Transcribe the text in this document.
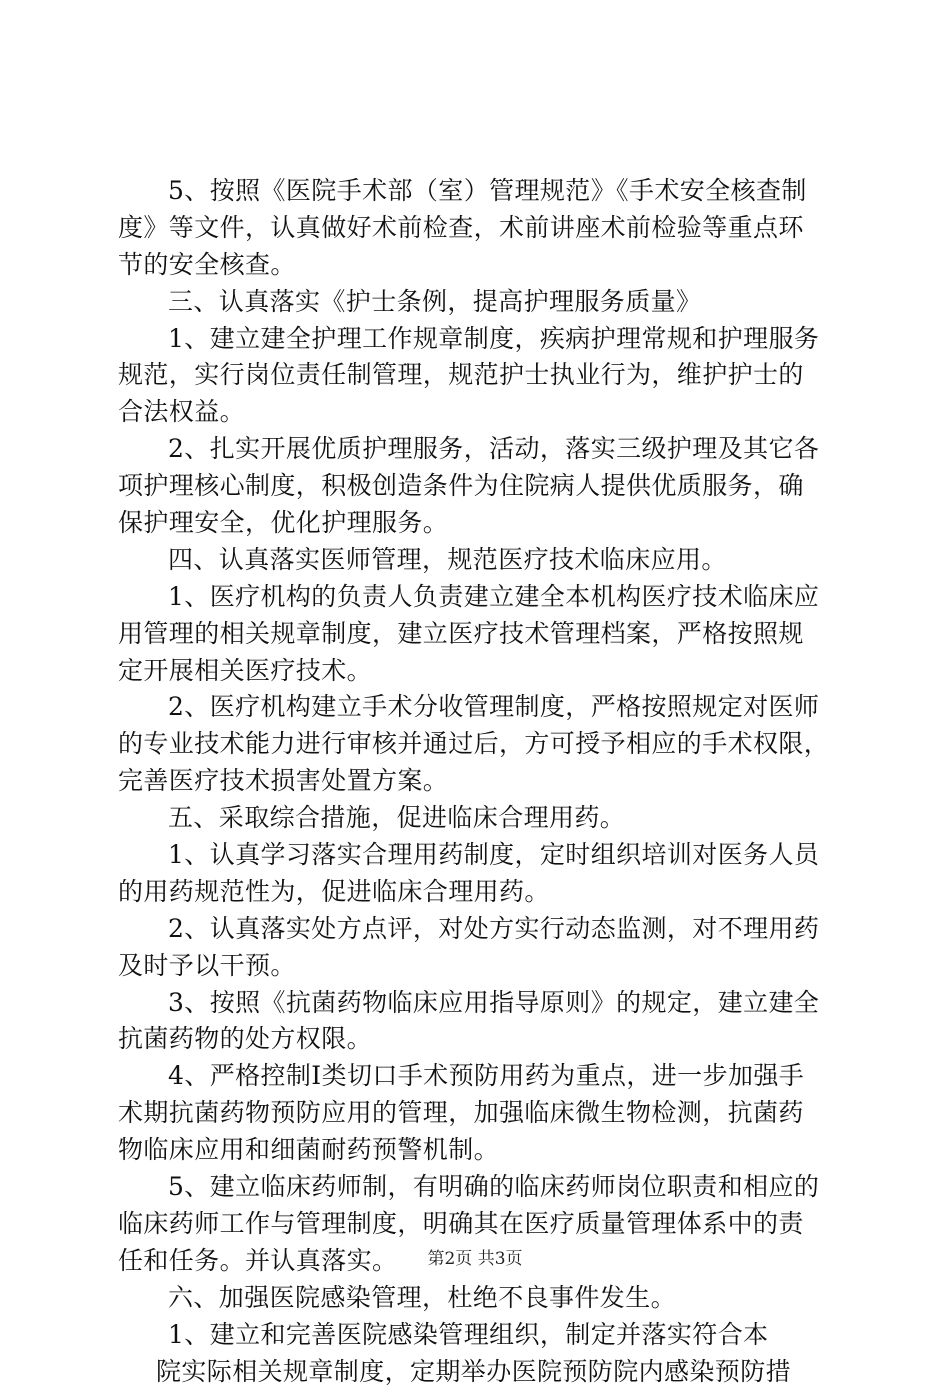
5、按照《医院手术部（室）管理规范》《手术安全核查制
度》等文件，认真做好术前检查，术前讲座术前检验等重点环
节的安全核查。
三、认真落实《护士条例，提高护理服务质量》
1、建立建全护理工作规章制度，疾病护理常规和护理服务
规范，实行岗位责任制管理，规范护士执业行为，维护护士的
合法权益。
2、扎实开展优质护理服务，活动，落实三级护理及其它各
项护理核心制度，积极创造条件为住院病人提供优质服务，确
保护理安全，优化护理服务。
四、认真落实医师管理，规范医疗技术临床应用。
1、医疗机构的负责人负责建立建全本机构医疗技术临床应
用管理的相关规章制度，建立医疗技术管理档案，严格按照规
定开展相关医疗技术。
2、医疗机构建立手术分收管理制度，严格按照规定对医师
的专业技术能力进行审核并通过后，方可授予相应的手术权限，
完善医疗技术损害处置方案。
五、采取综合措施，促进临床合理用药。
1、认真学习落实合理用药制度，定时组织培训对医务人员
的用药规范性为，促进临床合理用药。
2、认真落实处方点评，对处方实行动态监测，对不理用药
及时予以干预。
3、按照《抗菌药物临床应用指导原则》的规定，建立建全
抗菌药物的处方权限。
4、严格控制Ⅰ类切口手术预防用药为重点，进一步加强手
术期抗菌药物预防应用的管理，加强临床微生物检测，抗菌药
物临床应用和细菌耐药预警机制。
5、建立临床药师制，有明确的临床药师岗位职责和相应的
临床药师工作与管理制度，明确其在医疗质量管理体系中的责
任和任务。并认真落实。
六、加强医院感染管理，杜绝不良事件发生。
1、建立和完善医院感染管理组织，制定并落实符合本
院实际相关规章制度，定期举办医院预防院内感染预防措
第2页 共3页
